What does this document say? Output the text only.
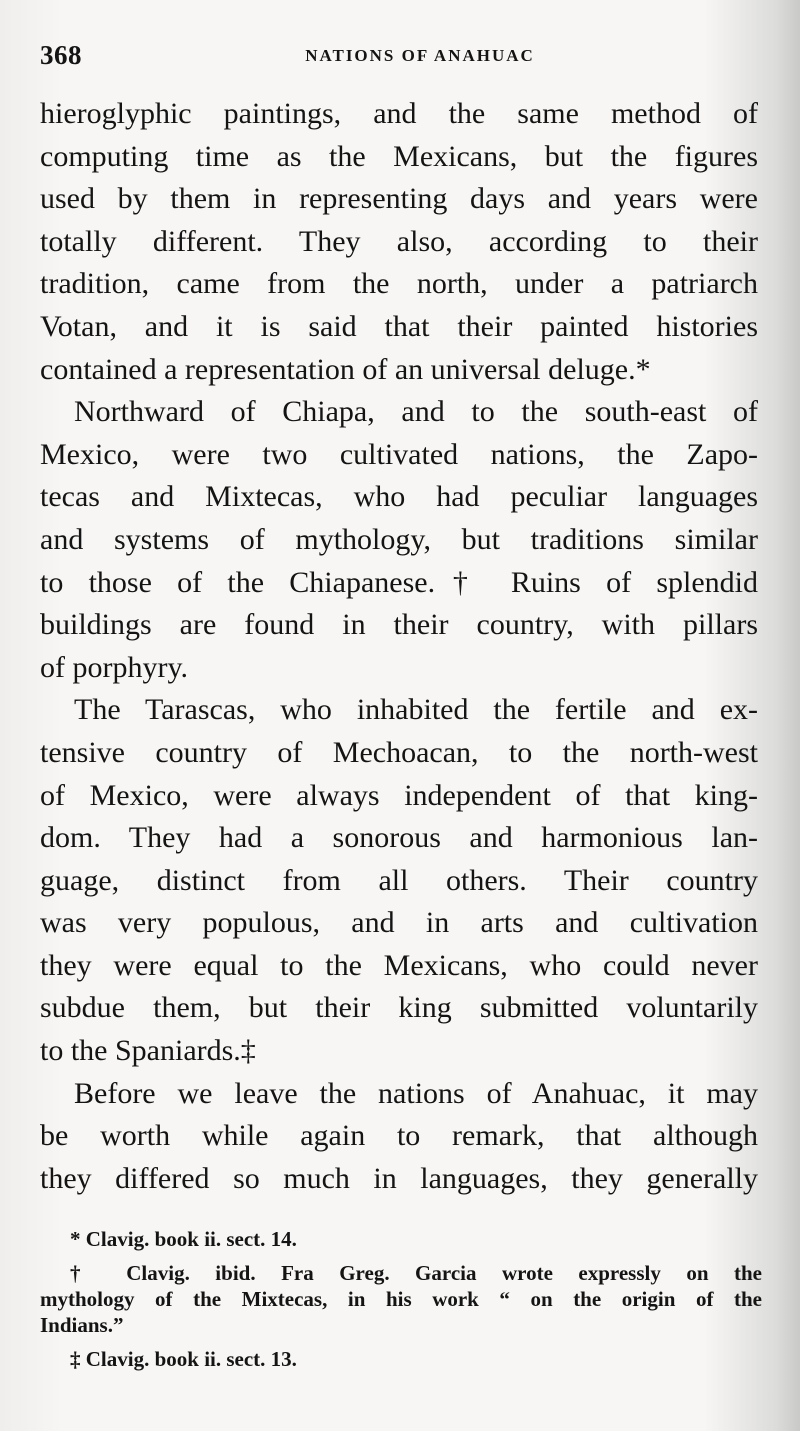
368	NATIONS OF ANAHUAC
hieroglyphic paintings, and the same method of
computing time as the Mexicans, but the figures
used by them in representing days and years were
totally different. They also, according to their
tradition, came from the north, under a patriarch
Votan, and it is said that their painted histories
contained a representation of an universal deluge.*
Northward of Chiapa, and to the south-east of
Mexico, were two cultivated nations, the Zapo-
tecas and Mixtecas, who had peculiar languages
and systems of mythology, but traditions similar
to those of the Chiapanese.† Ruins of splendid
buildings are found in their country, with pillars
of porphyry.
The Tarascas, who inhabited the fertile and ex-
tensive country of Mechoacan, to the north-west
of Mexico, were always independent of that king-
dom. They had a sonorous and harmonious lan-
guage, distinct from all others. Their country
was very populous, and in arts and cultivation
they were equal to the Mexicans, who could never
subdue them, but their king submitted voluntarily
to the Spaniards.‡
Before we leave the nations of Anahuac, it may
be worth while again to remark, that although
they differed so much in languages, they generally
* Clavig. book ii. sect. 14.
† Clavig. ibid. Fra Greg. Garcia wrote expressly on the
mythology of the Mixtecas, in his work “ on the origin of the
Indians.”
‡ Clavig. book ii. sect. 13.
